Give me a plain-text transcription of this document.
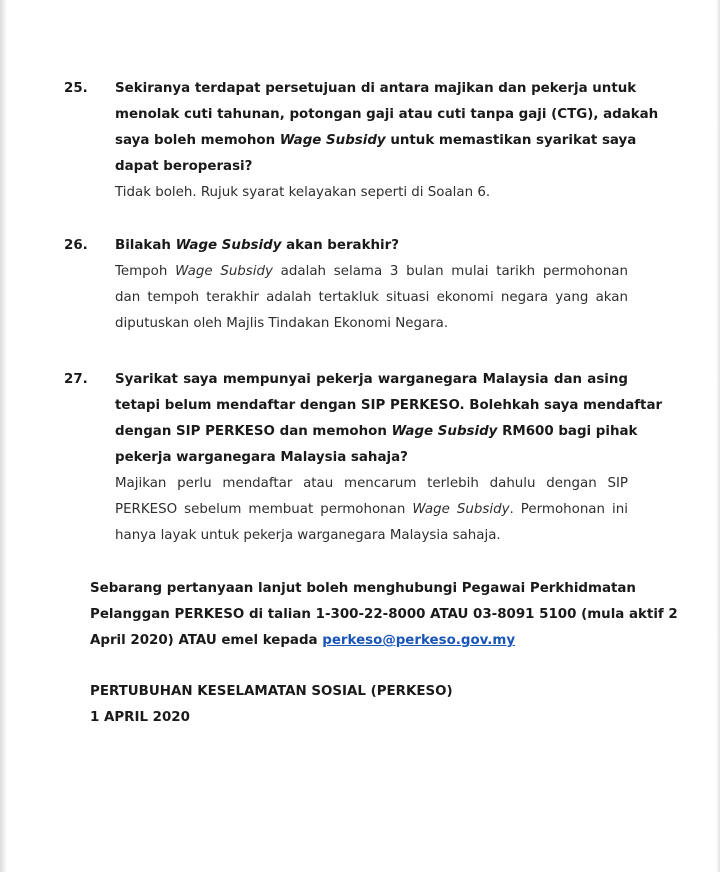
25. Sekiranya terdapat persetujuan di antara majikan dan pekerja untuk
menolak cuti tahunan, potongan gaji atau cuti tanpa gaji (CTG), adakah
saya boleh memohon Wage Subsidy untuk memastikan syarikat saya
dapat beroperasi?
Tidak boleh. Rujuk syarat kelayakan seperti di Soalan 6.
26. Bilakah Wage Subsidy akan berakhir?
Tempoh Wage Subsidy adalah selama 3 bulan mulai tarikh permohonan
dan tempoh terakhir adalah tertakluk situasi ekonomi negara yang akan
diputuskan oleh Majlis Tindakan Ekonomi Negara.
27. Syarikat saya mempunyai pekerja warganegara Malaysia dan asing
tetapi belum mendaftar dengan SIP PERKESO. Bolehkah saya mendaftar
dengan SIP PERKESO dan memohon Wage Subsidy RM600 bagi pihak
pekerja warganegara Malaysia sahaja?
Majikan perlu mendaftar atau mencarum terlebih dahulu dengan SIP
PERKESO sebelum membuat permohonan Wage Subsidy. Permohonan ini
hanya layak untuk pekerja warganegara Malaysia sahaja.
Sebarang pertanyaan lanjut boleh menghubungi Pegawai Perkhidmatan
Pelanggan PERKESO di talian 1-300-22-8000 ATAU 03-8091 5100 (mula aktif 2
April 2020) ATAU emel kepada perkeso@perkeso.gov.my
PERTUBUHAN KESELAMATAN SOSIAL (PERKESO)
1 APRIL 2020
